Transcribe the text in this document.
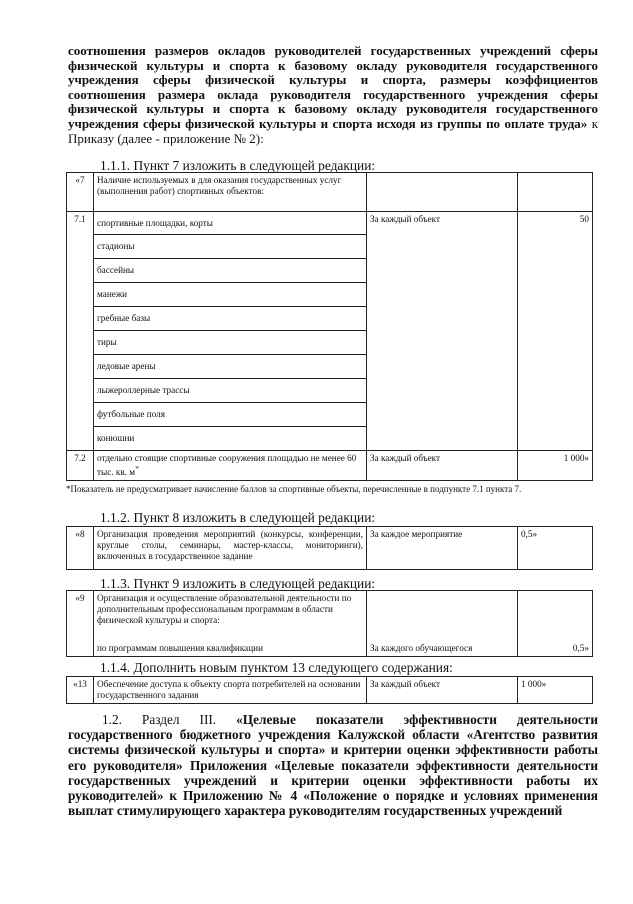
соотношения размеров окладов руководителей государственных учреждений сферы физической культуры и спорта к базовому окладу руководителя государственного учреждения сферы физической культуры и спорта, размеры коэффициентов соотношения размера оклада руководителя государственного учреждения сферы физической культуры и спорта к базовому окладу руководителя государственного учреждения сферы физической культуры и спорта исходя из группы по оплате труда» к Приказу (далее - приложение № 2):
1.1.1. Пункт 7 изложить в следующей редакции:
«7	Наличие используемых в для оказания государственных услуг (выполнения работ) спортивных объектов:		
7.1	спортивные площадки, корты	За каждый объект	50
	стадионы		
	бассейны		
	манежи		
	гребные базы		
	тиры		
	ледовые арены		
	лыжероллерные трассы		
	футбольные поля		
	конюшни		
7.2	отдельно стоящие спортивные сооружения площадью не менее 60 тыс. кв. м*	За каждый объект	1 000»
*Показатель не предусматривает начисление баллов за спортивные объекты, перечисленные в подпункте 7.1 пункта 7.
1.1.2. Пункт 8 изложить в следующей редакции:
«8	Организация проведения мероприятий (конкурсы, конференции, круглые столы, семинары, мастер-классы, мониторинги), включенных в государственное задание	За каждое мероприятие	0,5»
1.1.3. Пункт 9 изложить в следующей редакции:
«9	Организация и осуществление образовательной деятельности по дополнительным профессиональным программам в области физической культуры и спорта:
по программам повышения квалификации	За каждого обучающегося	0,5»
1.1.4. Дополнить новым пунктом 13 следующего содержания:
«13	Обеспечение доступа к объекту спорта потребителей на основании государственного задания	За каждый объект	1 000»
1.2. Раздел III. «Целевые показатели эффективности деятельности государственного бюджетного учреждения Калужской области «Агентство развития системы физической культуры и спорта» и критерии оценки эффективности работы его руководителя» Приложения «Целевые показатели эффективности деятельности государственных учреждений и критерии оценки эффективности работы их руководителей» к Приложению № 4 «Положение о порядке и условиях применения выплат стимулирующего характера руководителям государственных учреждений
